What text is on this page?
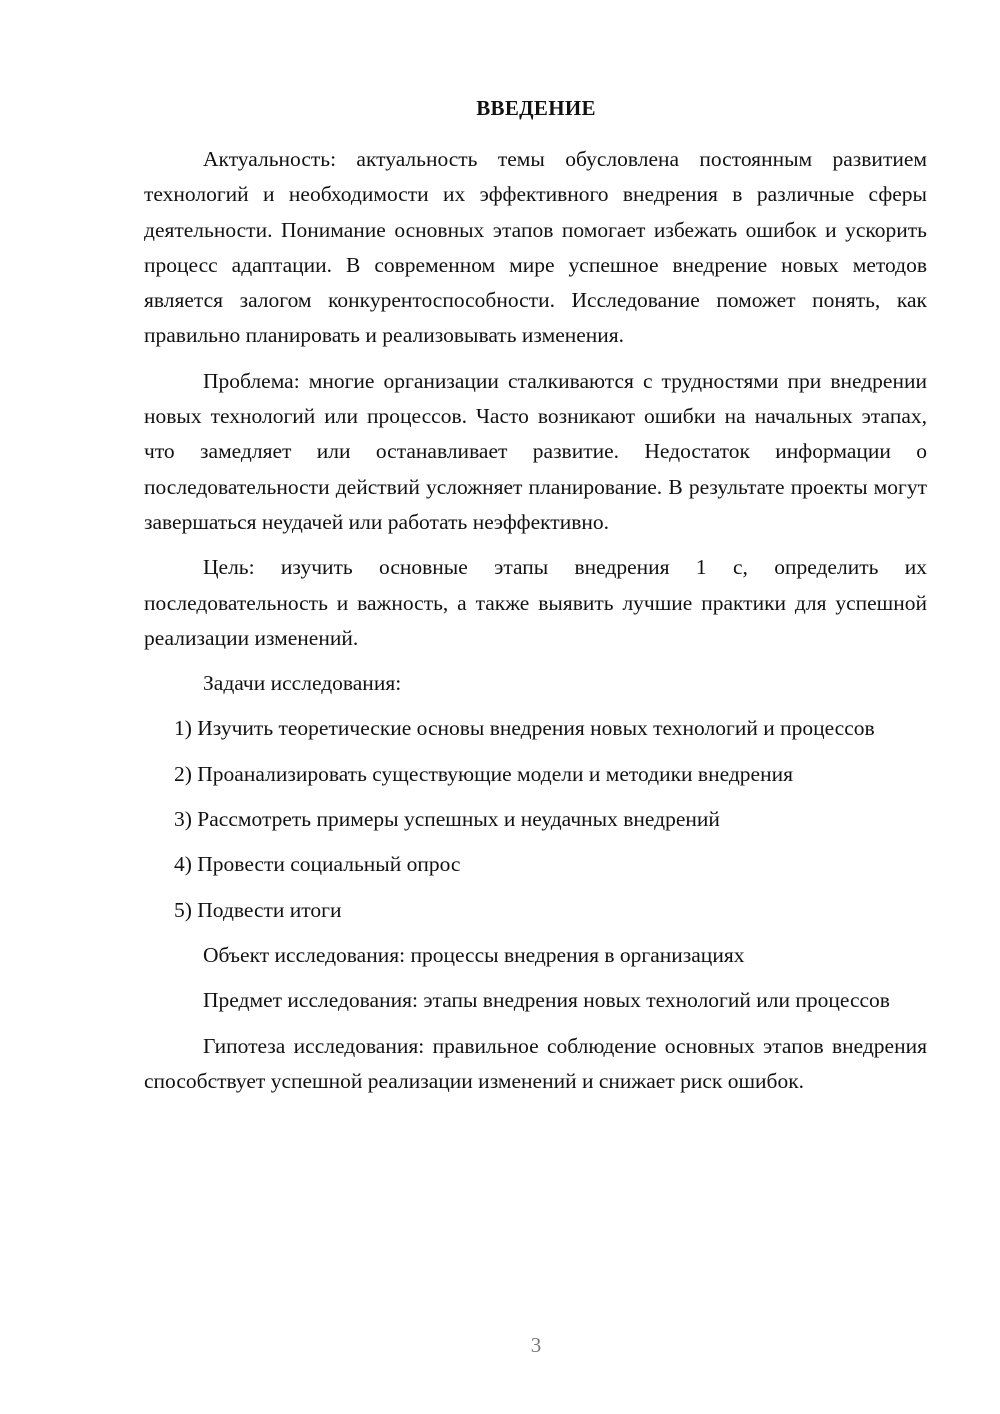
ВВЕДЕНИЕ

Актуальность: актуальность темы обусловлена постоянным развитием технологий и необходимости их эффективного внедрения в различные сферы деятельности. Понимание основных этапов помогает избежать ошибок и ускорить процесс адаптации. В современном мире успешное внедрение новых методов является залогом конкурентоспособности. Исследование поможет понять, как правильно планировать и реализовывать изменения.

Проблема: многие организации сталкиваются с трудностями при внедрении новых технологий или процессов. Часто возникают ошибки на начальных этапах, что замедляет или останавливает развитие. Недостаток информации о последовательности действий усложняет планирование. В результате проекты могут завершаться неудачей или работать неэффективно.

Цель: изучить основные этапы внедрения 1 с, определить их последовательность и важность, а также выявить лучшие практики для успешной реализации изменений.

Задачи исследования:

1) Изучить теоретические основы внедрения новых технологий и процессов

2) Проанализировать существующие модели и методики внедрения

3) Рассмотреть примеры успешных и неудачных внедрений

4) Провести социальный опрос

5) Подвести итоги

Объект исследования: процессы внедрения в организациях

Предмет исследования: этапы внедрения новых технологий или процессов

Гипотеза исследования: правильное соблюдение основных этапов внедрения способствует успешной реализации изменений и снижает риск ошибок.

3
